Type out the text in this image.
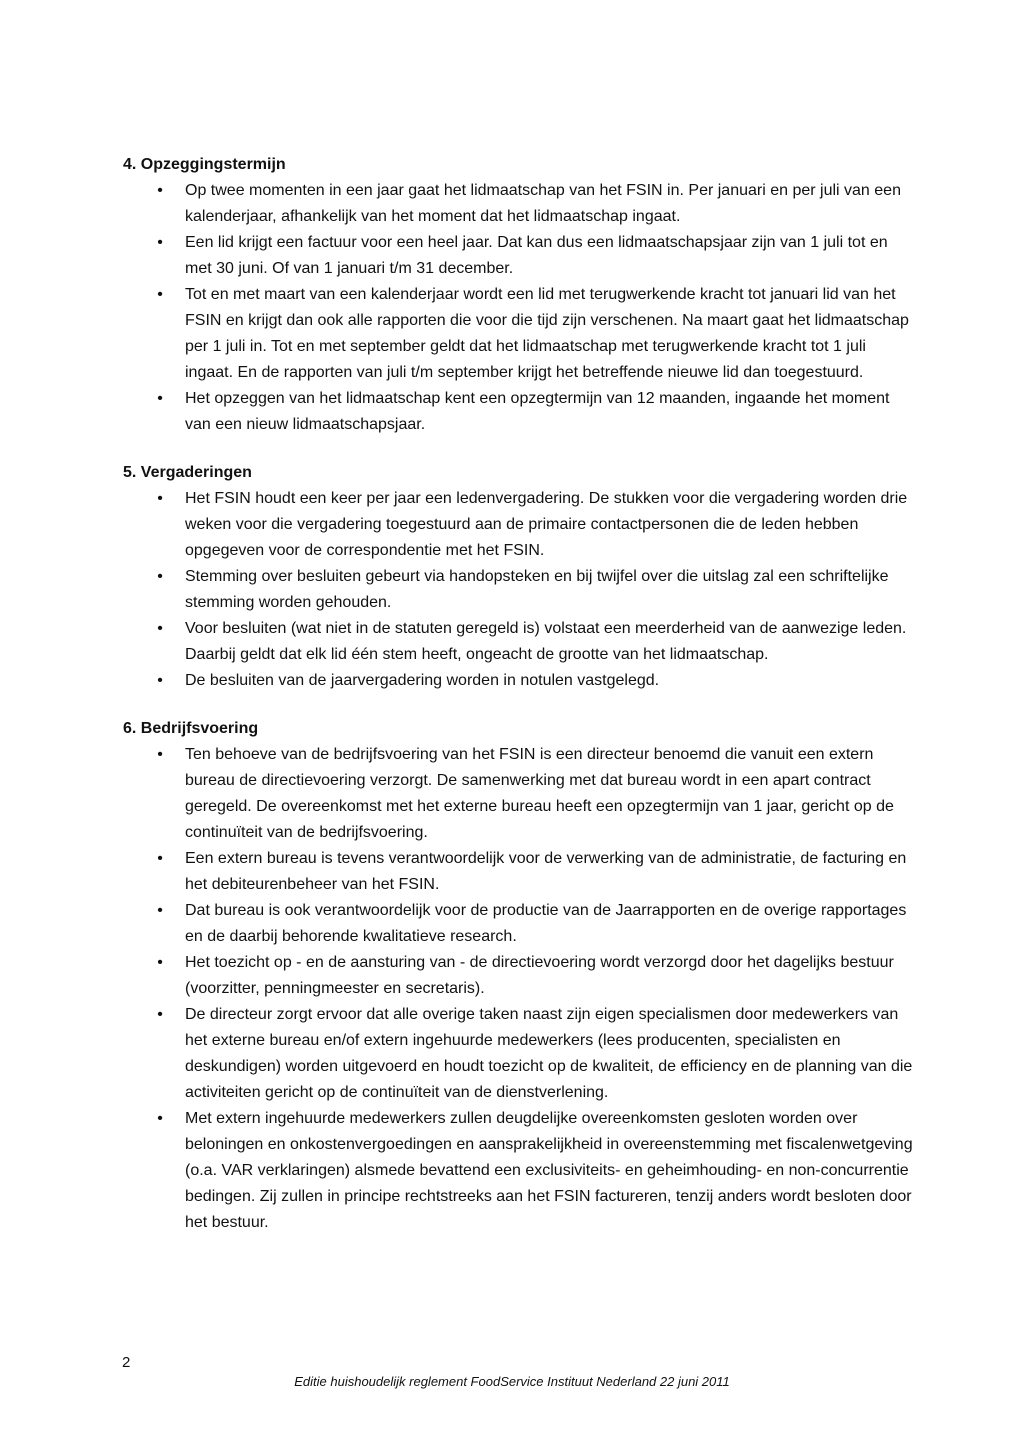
4. Opzeggingstermijn

• Op twee momenten in een jaar gaat het lidmaatschap van het FSIN in. Per januari en per juli van een kalenderjaar, afhankelijk van het moment dat het lidmaatschap ingaat.
• Een lid krijgt een factuur voor een heel jaar. Dat kan dus een lidmaatschapsjaar zijn van 1 juli tot en met 30 juni. Of van 1 januari t/m 31 december.
• Tot en met maart van een kalenderjaar wordt een lid met terugwerkende kracht tot januari lid van het FSIN en krijgt dan ook alle rapporten die voor die tijd zijn verschenen. Na maart gaat het lidmaatschap per 1 juli in. Tot en met september geldt dat het lidmaatschap met terugwerkende kracht tot 1 juli ingaat. En de rapporten van juli t/m september krijgt het betreffende nieuwe lid dan toegestuurd.
• Het opzeggen van het lidmaatschap kent een opzegtermijn van 12 maanden, ingaande het moment van een nieuw lidmaatschapsjaar.

5. Vergaderingen

• Het FSIN houdt een keer per jaar een ledenvergadering. De stukken voor die vergadering worden drie weken voor die vergadering toegestuurd aan de primaire contactpersonen die de leden hebben opgegeven voor de correspondentie met het FSIN.
• Stemming over besluiten gebeurt via handopsteken en bij twijfel over die uitslag zal een schriftelijke stemming worden gehouden.
• Voor besluiten (wat niet in de statuten geregeld is) volstaat een meerderheid van de aanwezige leden. Daarbij geldt dat elk lid één stem heeft, ongeacht de grootte van het lidmaatschap.
• De besluiten van de jaarvergadering worden in notulen vastgelegd.

6. Bedrijfsvoering

• Ten behoeve van de bedrijfsvoering van het FSIN is een directeur benoemd die vanuit een extern bureau de directievoering verzorgt. De samenwerking met dat bureau wordt in een apart contract geregeld. De overeenkomst met het externe bureau heeft een opzegtermijn van 1 jaar, gericht op de continuïteit van de bedrijfsvoering.
• Een extern bureau is tevens verantwoordelijk voor de verwerking van de administratie, de facturing en het debiteurenbeheer van het FSIN.
• Dat bureau is ook verantwoordelijk voor de productie van de Jaarrapporten en de overige rapportages en de daarbij behorende kwalitatieve research.
• Het toezicht op - en de aansturing van - de directievoering wordt verzorgd door het dagelijks bestuur (voorzitter, penningmeester en secretaris).
• De directeur zorgt ervoor dat alle overige taken naast zijn eigen specialismen door medewerkers van het externe bureau en/of extern ingehuurde medewerkers (lees producenten, specialisten en deskundigen) worden uitgevoerd en houdt toezicht op de kwaliteit, de efficiency en de planning van die activiteiten gericht op de continuïteit van de dienstverlening.
• Met extern ingehuurde medewerkers zullen deugdelijke overeenkomsten gesloten worden over beloningen en onkostenvergoedingen en aansprakelijkheid in overeenstemming met fiscalenwetgeving (o.a. VAR verklaringen) alsmede bevattend een exclusiviteits- en geheimhouding- en non-concurrentie bedingen. Zij zullen in principe rechtstreeks aan het FSIN factureren, tenzij anders wordt besloten door het bestuur.
2
Editie huishoudelijk reglement FoodService Instituut Nederland 22 juni 2011
